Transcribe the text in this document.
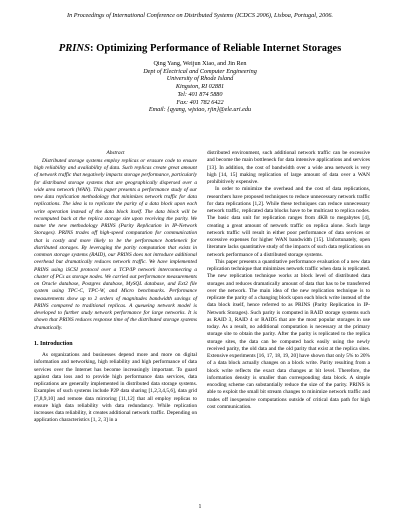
In Proceedings of International Conference on Distributed Systems (ICDCS 2006), Lisboa, Portugal, 2006.
PRINS: Optimizing Performance of Reliable Internet Storages
Qing Yang, Weijun Xiao, and Jin Ren
Dept of Electrical and Computer Engineering
University of Rhode Island
Kingston, RI 02881
Tel: 401 874 5880
Fax: 401 782 6422
Email: {qyang, wjxiao, rjin}@ele.uri.edu
Abstract

Distributed storage systems employ replicas or erasure code to ensure high reliability and availability of data. Such replicas create great amount of network traffic that negatively impacts storage performance, particularly for distributed storage systems that are geographically dispersed over a wide area network (WAN). This paper presents a performance study of our new data replication methodology that minimizes network traffic for data replications. The idea is to replicate the parity of a data block upon each write operation instead of the data block itself. The data block will be recomputed back at the replica storage site upon receiving the parity. We name the new methodology PRINS (Parity Replication in IP-Network Storages). PRINS trades off high-speed computation for communication that is costly and more likely to be the performance bottleneck for distributed storages. By leveraging the parity computation that exists in common storage systems (RAID), our PRINS does not introduce additional overhead but dramatically reduces network traffic. We have implemented PRINS using iSCSI protocol over a TCP/IP network interconnecting a cluster of PCs as storage nodes. We carried out performance measurements on Oracle database, Postgres database, MySQL database, and Ext2 file system using TPC-C, TPC-W, and Micro benchmarks. Performance measurements show up to 2 orders of magnitudes bandwidth savings of PRINS compared to traditional replicas. A queueing network model is developed to further study network performance for large networks. It is shown that PRINS reduces response time of the distributed storage systems dramatically.

1. Introduction

As organizations and businesses depend more and more on digital information and networking, high reliability and high performance of data services over the Internet has become increasingly important. To guard against data loss and to provide high performance data services, data replications are generally implemented in distributed data storage systems. Examples of such systems include P2P data sharing [1,2,3,4,5,6], data grid [7,8,9,10] and remote data mirroring [11,12] that all employ replicas to ensure high data reliability with data redundancy. While replication increases data reliability, it creates additional network traffic. Depending on application characteristics [1, 2, 3] in a

distributed environment, such additional network traffic can be excessive and become the main bottleneck for data intensive applications and services [13]. In addition, the cost of bandwidth over a wide area network is very high [14, 15] making replication of large amount of data over a WAN prohibitively expensive.

In order to minimize the overhead and the cost of data replications, researchers have proposed techniques to reduce unnecessary network traffic for data replications [1,2]. While these techniques can reduce unnecessary network traffic, replicated data blocks have to be multicast to replica nodes. The basic data unit for replication ranges from 4KB to megabytes [4], creating a great amount of network traffic on replica alone. Such large network traffic will result in either poor performance of data services or excessive expenses for higher WAN bandwidth [15]. Unfortunately, open literature lacks quantitative study of the impacts of such data replications on network performance of a distributed storage systems.

This paper presents a quantitative performance evaluation of a new data replication technique that minimizes network traffic when data is replicated. The new replication technique works at block level of distributed data storages and reduces dramatically amount of data that has to be transferred over the network. The main idea of the new replication technique is to replicate the parity of a changing block upon each block write instead of the data block itself, hence referred to as PRINS (Parity Replication in IP-Network Storages). Such parity is computed in RAID storage systems such as RAID 3, RAID 4 or RAID5 that are the most popular storages in use today. As a result, no additional computation is necessary at the primary storage site to obtain the parity. After the parity is replicated to the replica storage sites, the data can be computed back easily using the newly received parity, the old data and the old parity that exist at the replica sites. Extensive experiments [16, 17, 18, 19, 20] have shown that only 5% to 20% of a data block actually changes on a block write. Parity resulting from a block write reflects the exact data changes at bit level. Therefore, the information density is smaller than corresponding data block. A simple encoding scheme can substantially reduce the size of the parity. PRINS is able to exploit the small bit stream changes to minimize network traffic and trades off inexpensive computations outside of critical data path for high cost communication.

1
